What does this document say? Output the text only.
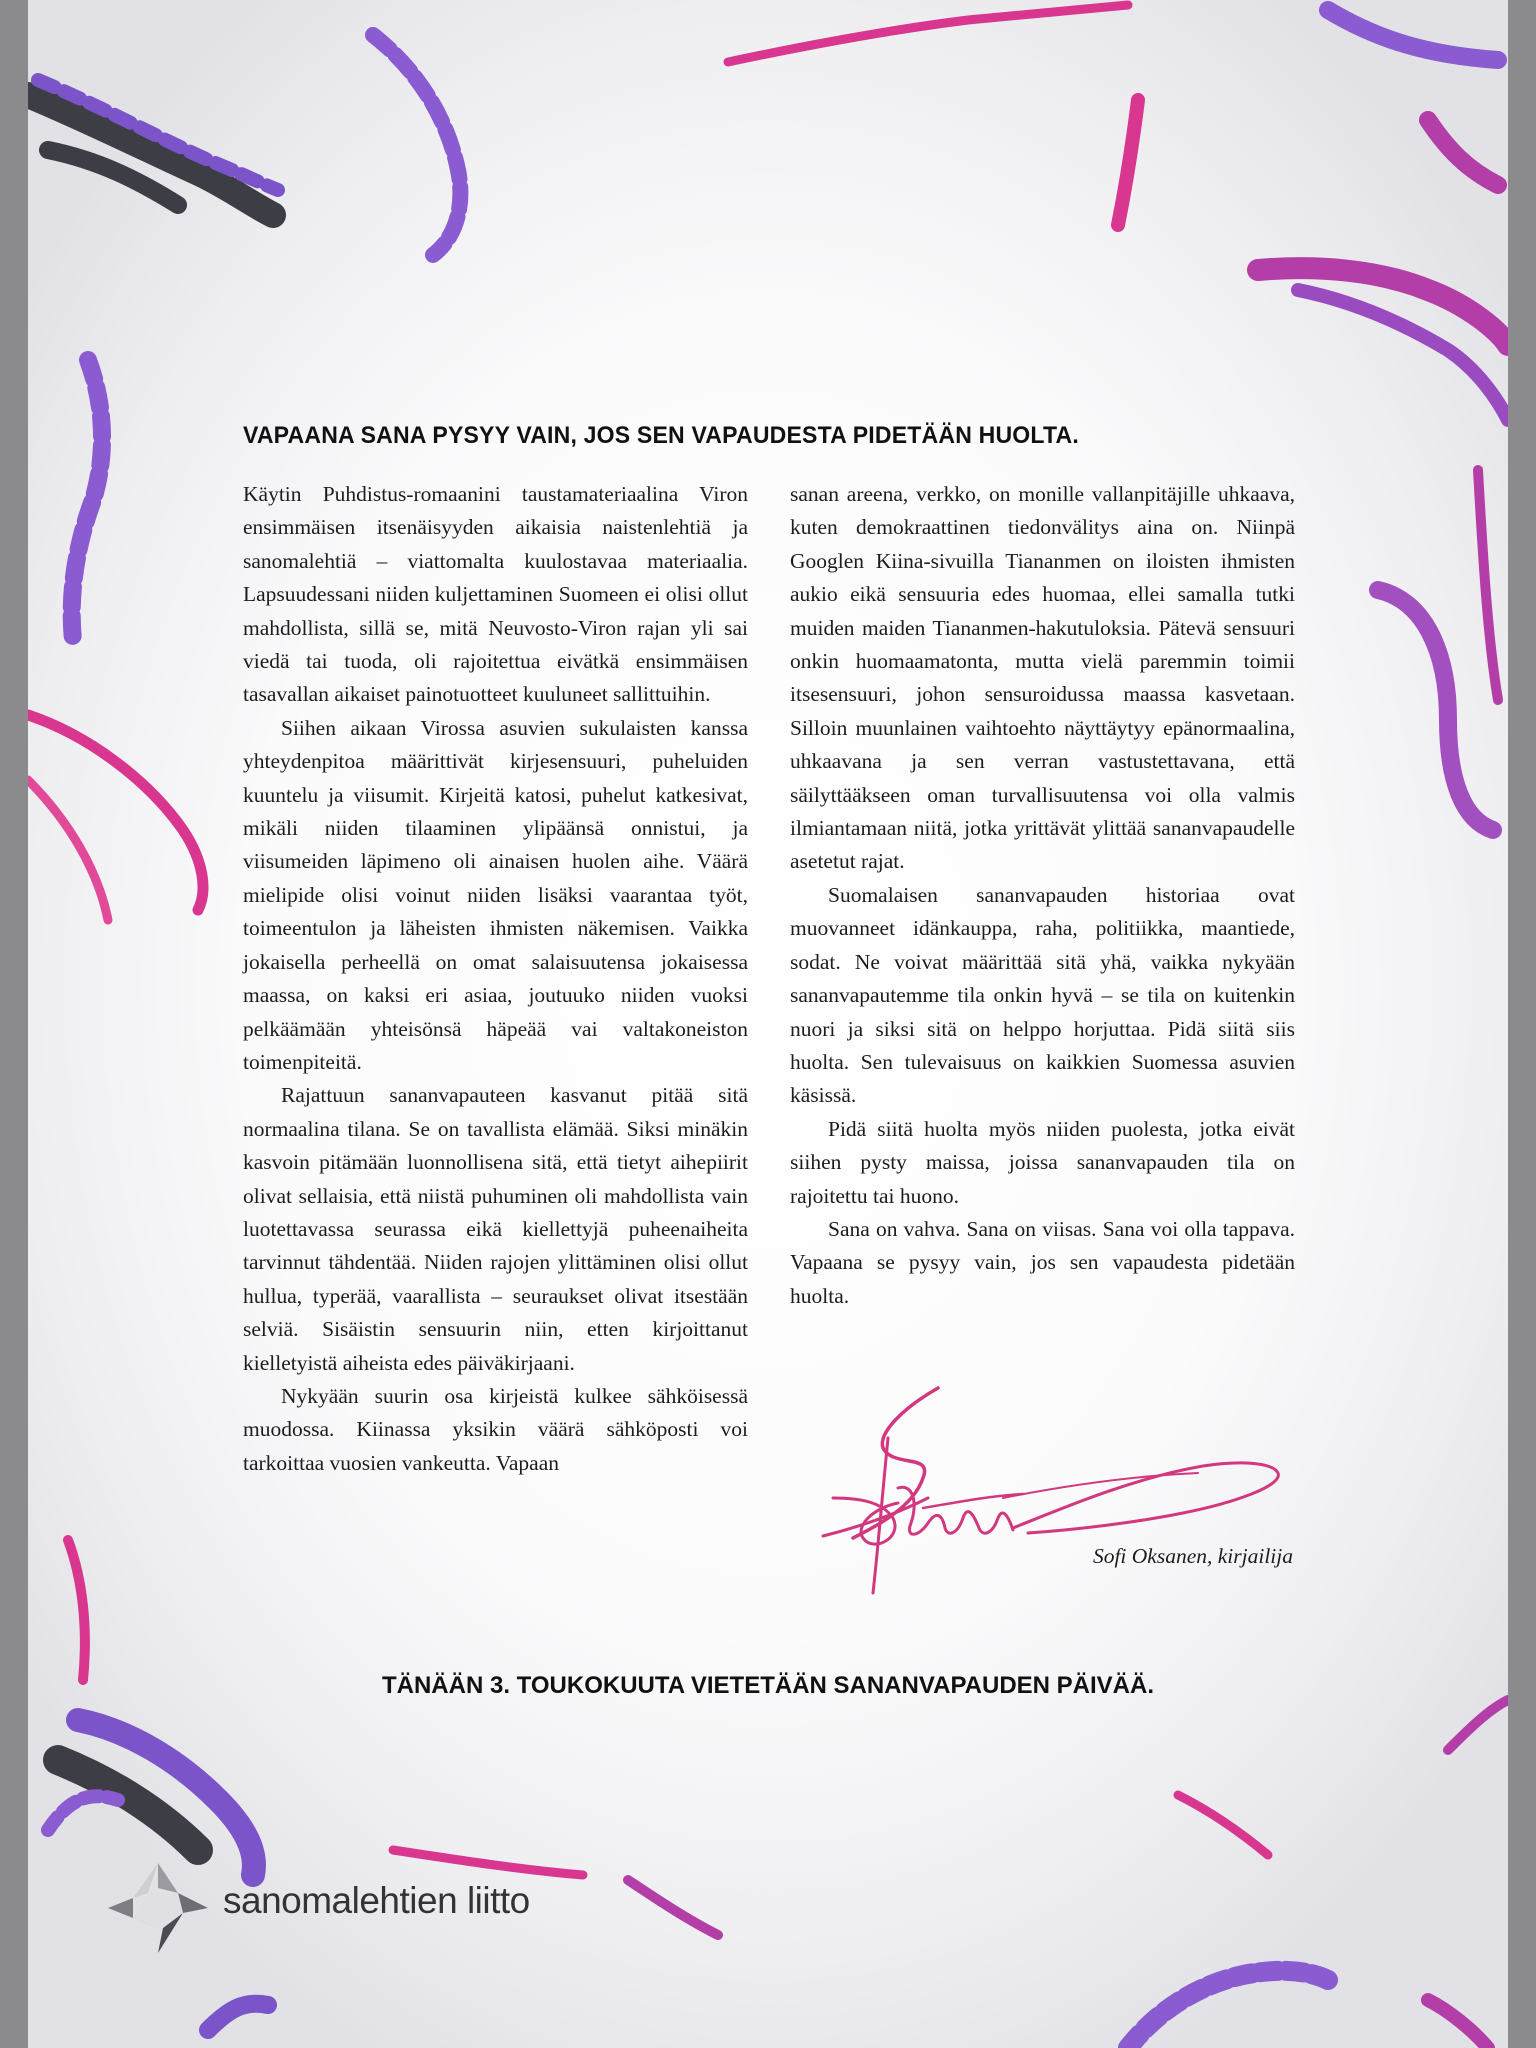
VAPAANA SANA PYSYY VAIN, JOS SEN VAPAUDESTA PIDETÄÄN HUOLTA.

Käytin Puhdistus-romaanini taustamateriaalina Viron ensimmäisen itsenäisyyden aikaisia naistenlehtiä ja sanomalehtiä – viattomalta kuulostavaa materiaalia. Lapsuudessani niiden kuljettaminen Suomeen ei olisi ollut mahdollista, sillä se, mitä Neuvosto-Viron rajan yli sai viedä tai tuoda, oli rajoitettua eivätkä ensimmäisen tasavallan aikaiset painotuotteet kuuluneet sallittuihin.

Siihen aikaan Virossa asuvien sukulaisten kanssa yhteydenpitoa määrittivät kirjesensuuri, puheluiden kuuntelu ja viisumit. Kirjeitä katosi, puhelut katkesivat, mikäli niiden tilaaminen ylipäänsä onnistui, ja viisumeiden läpimeno oli ainaisen huolen aihe. Väärä mielipide olisi voinut niiden lisäksi vaarantaa työt, toimeentulon ja läheisten ihmisten näkemisen. Vaikka jokaisella perheellä on omat salaisuutensa jokaisessa maassa, on kaksi eri asiaa, joutuuko niiden vuoksi pelkäämään yhteisönsä häpeää vai valtakoneiston toimenpiteitä.

Rajattuun sananvapauteen kasvanut pitää sitä normaalina tilana. Se on tavallista elämää. Siksi minäkin kasvoin pitämään luonnollisena sitä, että tietyt aihepiirit olivat sellaisia, että niistä puhuminen oli mahdollista vain luotettavassa seurassa eikä kiellettyjä puheenaiheita tarvinnut tähdentää. Niiden rajojen ylittäminen olisi ollut hullua, typerää, vaarallista – seuraukset olivat itsestään selviä. Sisäistin sensuurin niin, etten kirjoittanut kielletyistä aiheista edes päiväkirjaani.

Nykyään suurin osa kirjeistä kulkee sähköisessä muodossa. Kiinassa yksikin väärä sähköposti voi tarkoittaa vuosien vankeutta. Vapaan

sanan areena, verkko, on monille vallanpitäjille uhkaava, kuten demokraattinen tiedonvälitys aina on. Niinpä Googlen Kiina-sivuilla Tiananmen on iloisten ihmisten aukio eikä sensuuria edes huomaa, ellei samalla tutki muiden maiden Tiananmen-hakutuloksia. Pätevä sensuuri onkin huomaamatonta, mutta vielä paremmin toimii itsesensuuri, johon sensuroidussa maassa kasvetaan. Silloin muunlainen vaihtoehto näyttäytyy epänormaalina, uhkaavana ja sen verran vastustettavana, että säilyttääkseen oman turvallisuutensa voi olla valmis ilmiantamaan niitä, jotka yrittävät ylittää sananvapaudelle asetetut rajat.

Suomalaisen sananvapauden historiaa ovat muovanneet idänkauppa, raha, politiikka, maantiede, sodat. Ne voivat määrittää sitä yhä, vaikka nykyään sananvapautemme tila onkin hyvä – se tila on kuitenkin nuori ja siksi sitä on helppo horjuttaa. Pidä siitä siis huolta. Sen tulevaisuus on kaikkien Suomessa asuvien käsissä.

Pidä siitä huolta myös niiden puolesta, jotka eivät siihen pysty maissa, joissa sananvapauden tila on rajoitettu tai huono.

Sana on vahva. Sana on viisas. Sana voi olla tappava. Vapaana se pysyy vain, jos sen vapaudesta pidetään huolta.

Sofi Oksanen, kirjailija

TÄNÄÄN 3. TOUKOKUUTA VIETETÄÄN SANANVAPAUDEN PÄIVÄÄ.

sanomalehtien liitto
